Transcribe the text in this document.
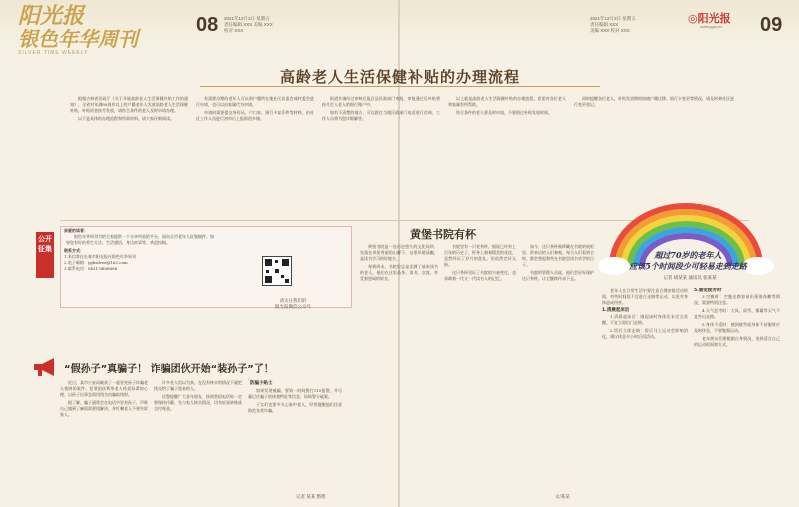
阳光报
银色年华周刊
SILVER TIME WEEKLY
08 2021年12月3日 星期五
责任编辑 XXX 美编 XXX
校对 XXX
2021年12月3日 星期五
责任编辑 XXX
美编 XXX 校对 XXX
◎阳光报
www.ygw.cn 09
高龄老人生活保健补贴的办理流程

根据吉林省民政厅《关于开展高龄老人生活保健补贴工作的通知》，全省对年满80周岁以上的户籍老年人发放高龄老人生活保健补贴，补贴资金按月发放，请符合条件的老人及时申请办理。

以下是具体的办理流程和所需材料，请大家仔细阅读。

有需要办理的老年人可以到户籍所在地社区居委会或村委会进行申请，也可以由家属代为申请。

申请时需要提交身份证、户口本、银行卡复印件等材料，由社区工作人员进行初审后上报街道乡镇。

街道乡镇经过审核后报区县民政部门审批，审批通过后补贴将按月打入老人的银行账户中。

如有不清楚的地方，可以拨打当地民政部门电话进行咨询，工作人员将为您详细解答。

以上就是高龄老人生活保健补贴的办理流程，希望对各位老人和家属有所帮助。

符合条件的老人要及时申请，不要错过补贴发放时间。

同时提醒各位老人，补贴发放期间如遇户籍迁移、银行卡变更等情况，请及时到社区进行变更登记。

记者 贾某 整理
公开征集
亲爱的读者：

银色年华周刊为给大家提供一个分享经验的平台，面向全市老年人征集稿件。如果您有好的养生方法、生活感悟、身边故事等，欢迎投稿。

联系方式：
1.来信寄往长春市阳光报社银色年华周刊
2.电子邮箱：ygbsilver@163.com
3.联系电话：0431-8888888
请关注我们的
阳光报微信公众号
黄堡书院有杯

黄堡书院是一处历史悠久的文化场所，坐落在风景秀丽的山脚下，这里环境清幽，是读书学习的好地方。

每到周末，书院里总是坐满了前来读书的老人，他们在这里品茶、读书、交流，享受着悠闲的时光。

书院里有一只老茶杯，据说已经有上百年的历史了，杯身上刻着精美的花纹，虽然经历了岁月的洗礼，但依然完好无损。

这只茶杯见证了书院的兴衰变迁，也承载着一代又一代读书人的记忆。

如今，这只茶杯被珍藏在书院的展柜里，供来访的人们参观。每当人们看到它时，都会想起那些在书院里读书求学的日子。

书院的管理人员说，他们会好好保护这只茶杯，让它继续传承下去。

文/某某
“假孙子”真骗子！ 诈骗团伙开始“装孙子”了！

近日，某市公安局破获了一起冒充孙子诈骗老人钱财的案件。犯罪团伙利用老人疼爱孙辈的心理，以孙子出事急需用钱为由骗取钱财。

据了解，骗子通常会在电话中冒充孙子，声称自己遇到了麻烦需要钱解决，并叮嘱老人不要告诉家人。

许多老人信以为真，在没有核实的情况下就把钱交给了骗子派来的人。

民警提醒广大老年朋友，接到类似电话时一定要保持冷静，先与家人核实情况，切勿轻易转账或交付现金。

防骗小贴士

如果发现被骗，要第一时间拨打110报警，并尽量记住骗子的体貌特征等信息，协助警方破案。

子女们也要多关心家中老人，经常提醒他们注意防范各类诈骗。

记者 某某 整理
超过70岁的老年人
应该5个时间段少可轻易走到走路
记者 胡某某 通讯员 张某某

老年人在日常生活中要注意合理安排活动时间，有些时间段不宜进行走路等运动，以免对身体造成伤害。

1.清晨起床后

1.清晨起床后：刚起床时身体还未完全苏醒，不宜立即出门走路。

2.饭后立即走路：饭后马上运动会影响消化，建议休息半小时后再活动。

5.感觉疲劳时

3.空腹时：空腹走路容易出现低血糖等情况，需要特别注意。

4.天气恶劣时：大风、雨雪、雾霾等天气不宜外出走路。

5.身体不适时：感到疲劳或身体不舒服时应及时休息，不要勉强运动。

老年朋友们要根据自身情况，选择适合自己的运动时间和方式。
